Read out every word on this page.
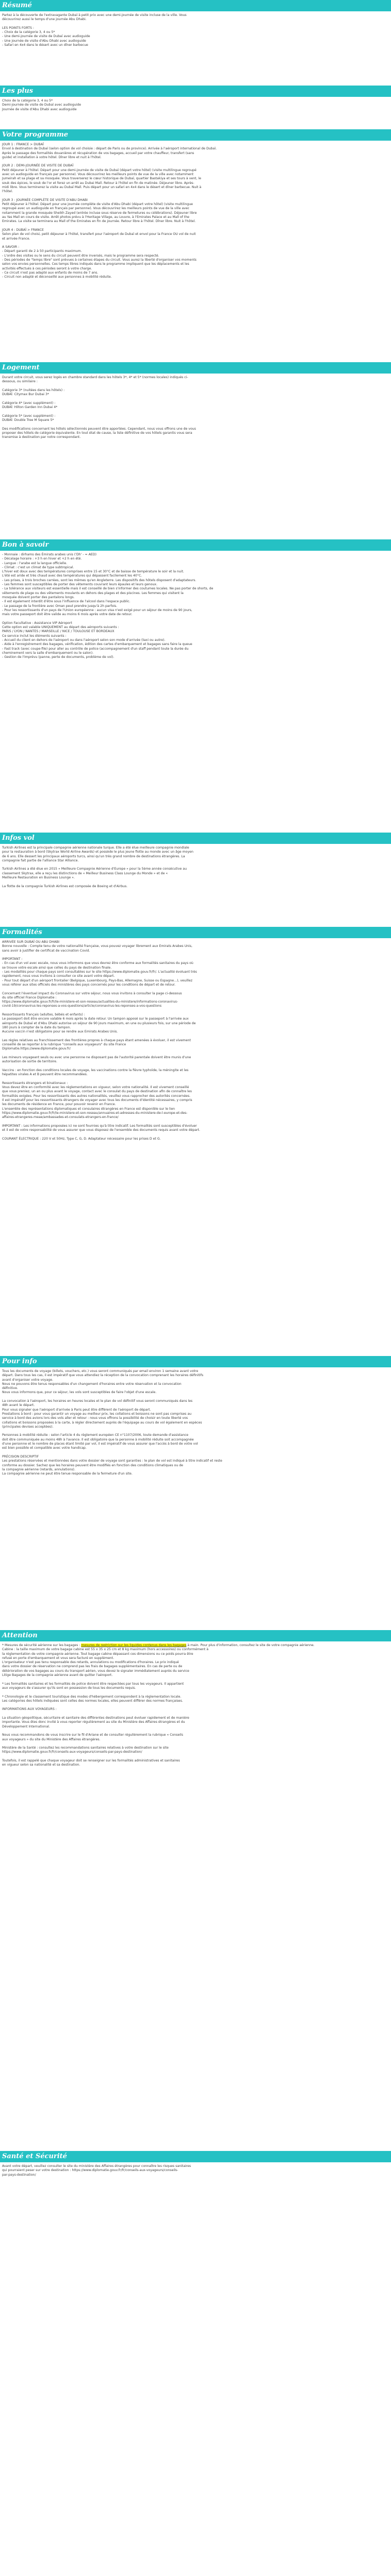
Résumé

Partez à la découverte de l'extravagante Dubaï à petit prix avec une demi-journée de visite incluse de la ville. Vous

découvrirez aussi le temps d'une journée Abu Dhabi.

LES POINTS FORTS :

- Choix de la catégorie 3, 4 ou 5*

- Une demi-journée de visite de Dubaï avec audioguide

- Une journée de visite d'Abu Dhabi avec audioguide

- Safari en 4x4 dans le désert avec un dîner barbecue

Les plus

Choix de la catégorie 3, 4 ou 5*

Demi-journée de visite de Dubaï avec audioguide

Journée de visite d'Abu Dhabi avec audioguide

Votre programme

JOUR 1 : FRANCE > DUBAÏ

Envol à destination de Dubaï (selon option de vol choisie : départ de Paris ou de province). Arrivée à l'aéroport international de Dubaï.

Après le passage des formalités douanières et récupération de vos bagages, accueil par votre chauffeur, transfert (sans

guide) et installation à votre hôtel. Dîner libre et nuit à l'hôtel.

JOUR 2 : DEMI-JOURNÉE DE VISITE DE DUBAÏ

Petit déjeuner à l'hôtel. Départ pour une demi-journée de visite de Dubaï (départ votre hôtel) (visite multilingue regroupé

avec un audioguide en français par personne). Vous découvrirez les meilleurs points de vue de la ville avec notamment

Jumeirah et sa plage et sa mosquée. Vous traverserez le cœur historique de Dubaï, quartier Bastakiya et ses tours à vent, le

souk des épices, le souk de l'or et ferez un arrêt au Dubai Mall. Retour à l'hôtel en fin de matinée. Déjeuner libre. Après-

midi libre. Vous terminerez la visite au Dubaï Mall. Puis départ pour un safari en 4x4 dans le désert et dîner barbecue. Nuit à

l'hôtel.

JOUR 3 : JOURNÉE COMPLÈTE DE VISITE D'ABU DHABI

Petit déjeuner à l'hôtel. Départ pour une journée complète de visite d'Abu Dhabi (départ votre hôtel) (visite multilingue

regroupé avec un audioguide en français par personne). Vous découvrirez les meilleurs points de vue de la ville avec

notamment la grande mosquée Sheikh Zayed (entrée incluse sous réserve de fermetures ou célébrations). Déjeuner libre

au Yas Mall en cours de visite. Arrêt photos prévu à l'Heritage Village, au Louvre, à l'Emirates Palace et au Mall of the

Emirates. La visite se terminera au Mall of the Emirates en fin de journée. Retour libre à l'hôtel. Dîner libre. Nuit à l'hôtel.

JOUR 4 : DUBAÏ > FRANCE

Selon plan de vol choisi, petit déjeuner à l'hôtel, transfert pour l'aéroport de Dubaï et envol pour la France OU vol de nuit

et arrivée France.

A SAVOIR :

- Départ garanti de 2 à 50 participants maximum.

- L'ordre des visites ou le sens du circuit peuvent être inversés, mais le programme sera respecté.

- Des périodes de "temps libre" sont prévues à certaines étapes du circuit. Vous aurez la liberté d'organiser vos moments

selon vos envies personnelles. Ces temps libres indiqués dans le programme impliquent que les déplacements et les

activités effectués à ces périodes seront à votre charge.

- Ce circuit n'est pas adapté aux enfants de moins de 7 ans.

- Circuit non adapté et déconseillé aux personnes à mobilité réduite.

Logement

Durant votre circuit, vous serez logés en chambre standard dans les hôtels 3*, 4* et 5* (normes locales) indiqués ci-

dessous, ou similaire :

Catégorie 3* (nuitées dans les hôtels) :

DUBAÏ: Citymax Bur Dubai 3*

Catégorie 4* (avec supplément) :

DUBAÏ: Hilton Garden Inn Dubai 4*

Catégorie 5* (avec supplément) :

DUBAÏ: Double Tree M Square 5*

Des modifications concernant les hôtels sélectionnés peuvent être apportées. Cependant, nous vous offrons une de vous

proposer des hôtels de catégorie équivalente. En tout état de cause, la liste définitive de vos hôtels garantis vous sera

transmise à destination par notre correspondant.

Bon à savoir

- Monnaie : dirhams des Émirats arabes unis ('Dh' - ≈ AED)

- Décalage horaire : +3 h en hiver et +2 h en été.

- Langue : l'arabe est la langue officielle.

- Climat : c'est un climat de type subtropical.

L'hiver est doux avec des températures comprises entre 15 et 30°C et de baisse de température le soir et la nuit.

L'été est aride et très chaud avec des températures qui dépassent facilement les 40°C.

- Les prises, à trois broches carrées, sont les mêmes qu'en Angleterre. Les dispositifs des hôtels disposent d'adaptateurs.

- Les femmes sont susceptibles de porter des vêtements couvrant leurs épaules et leurs genoux.

- La tolérance aux visiteurs est essentielle mais il est conseillé de bien s'informer des coutumes locales. Ne pas porter de shorts, de

vêtements de plage ou des vêtements moulants en dehors des plages et des piscines. Les femmes qui visitent la

mosquée doivent porter des pantalons longs.

- Il est également interdit d'être sous l'influence de l'alcool dans l'espace public.

- Le passage de la frontière avec Oman peut prendre jusqu'à 2h parfois.

- Pour les ressortissants d'un pays de l'Union européenne : aucun visa n'est exigé pour un séjour de moins de 90 jours,

mais votre passeport doit être valide au moins 6 mois après votre date de retour.

Option Facultative : Assistance VIP Aéroport

Cette option est valable UNIQUEMENT au départ des aéroports suivants :

PARIS / LYON / NANTES / MARSEILLE / NICE / TOULOUSE ET BORDEAUX

Ce service inclut les éléments suivants :

- Accueil du client en dehors de l'aéroport ou dans l'aéroport selon son mode d'arrivée (taxi ou autre).

- Aide à l'enregistrement des bagages, vérification, édition des cartes d'embarquement et bagages sans faire la queue

- Fast track (avec coupe-file) pour aller au contrôle de police (accompagnement d'un staff pendant toute la durée du

cheminement vers la salle d'embarquement ou le salon).

- Gestion de l'imprévu (panne, perte de documents, problème de vol).

Infos vol

Turkish Airlines est la principale compagnie aérienne nationale turque. Elle a été élue meilleure compagnie mondiale

pour la restauration à bord (Skytrax World Airline Awards) et possède le plus jeune flotte au monde avec un âge moyen

de 6 ans. Elle dessert les principaux aéroports turcs, ainsi qu'un très grand nombre de destinations étrangères. La

compagnie fait partie de l'alliance Star Alliance.

Turkish Airlines a été élue en 2015 « Meilleure Compagnie Aérienne d'Europe » pour la 5ème année consécutive au

classement Skytrax, elle a reçu les distinctions de « Meilleur Business Class Lounge du Monde » et de «

Meilleure Restauration en Business Lounge ».

La flotte de la compagnie Turkish Airlines est composée de Boeing et d'Airbus.

Formalités

ARRIVÉE SUR DUBAÏ OU ABU DHABI

Bonne nouvelle : Compte tenu de votre nationalité française, vous pouvez voyager librement aux Emirats Arabes Unis,

sans avoir à justifier de certificat de vaccination Covid.

IMPORTANT :

- En cas d'un vol avec escale, nous vous informons que vous devrez être conforme aux formalités sanitaires du pays où

se trouve votre escale ainsi que celles du pays de destination finale.

- Les modalités pour chaque pays sont consultables sur le site https://www.diplomatie.gouv.fr/fr/. L'actualité évoluant très

rapidement, nous vous invitons à consulter ce site avant votre départ.

- Pour tout départ d'un aéroport frontalier (Belgique, Luxembourg, Pays-Bas, Allemagne, Suisse ou Espagne...), veuillez

vous référer aux sites officiels des ministères des pays concernés pour les conditions de départ et de retour.

Concernant l'éventuel impact du Coronavirus sur votre séjour, nous vous invitons à consulter la page ci-dessous

du site officiel France Diplomatie :

https://www.diplomatie.gouv.fr/fr/le-ministere-et-son-reseau/actualites-du-ministere/informations-coronavirus-

covid-19/coronavirus-les-reponses-a-vos-questions/article/coronavirus-les-reponses-a-vos-questions

Ressortissants français (adultes, bébés et enfants) :

Le passeport doit être encore valable 6 mois après la date retour. Un tampon apposé sur le passeport à l'arrivée aux

aéroports de Dubaï et d'Abu Dhabi autorise un séjour de 90 jours maximum, en une ou plusieurs fois, sur une période de

180 jours à compter de la date du tampon.

Aucune vaccin n'est obligatoire pour se rendre aux Emirats Arabes Unis.

Les règles relatives au franchissement des frontières propres à chaque pays étant amenées à évoluer, il est vivement

conseillé de se reporter à la rubrique "conseils aux voyageurs" du site France

Diplomatie.https://www.diplomatie.gouv.fr/

Les mineurs voyageant seuls ou avec une personne ne disposant pas de l'autorité parentale doivent être munis d'une

autorisation de sortie de territoire.

Vaccins : en fonction des conditions locales de voyage, les vaccinations contre la fièvre typhoïde, la méningite et les

hépatites virales A et B peuvent être recommandées.

Ressortissants étrangers et binationaux :

Vous devez être en conformité avec les réglementations en vigueur, selon votre nationalité. Il est vivement conseillé

que vous preniez, un an ou plus avant le voyage, contact avec le consulat du pays de destination afin de connaître les

formalités exigées. Pour les ressortissants des autres nationalités, veuillez vous rapprocher des autorités concernées.

Il est impératif pour les ressortissants étrangers de voyager avec tous les documents d'identité nécessaires, y compris

les documents de résidence en France, pour pouvoir revenir en France.

L'ensemble des représentations diplomatiques et consulaires étrangères en France est disponible sur le lien

https://www.diplomatie.gouv.fr/fr/le-ministere-et-son-reseau/annuaires-et-adresses-du-ministere-de-l-europe-et-des-

affaires-etrangeres-meae/ambassades-et-consulats-etrangers-en-france/

IMPORTANT : Les informations proposées ici ne sont fournies qu'à titre indicatif. Les formalités sont susceptibles d'évoluer

et il est de votre responsabilité de vous assurer que vous disposez de l'ensemble des documents requis avant votre départ.

COURANT ÉLECTRIQUE : 220 V et 50Hz, Type C, G, D. Adaptateur nécessaire pour les prises D et G.

Pour info

Tous les documents de voyage (billets, vouchers, etc.) vous seront communiqués par email environ 1 semaine avant votre

départ. Dans tous les cas, il est impératif que vous attendiez la réception de la convocation comprenant les horaires définitifs

avant d'organiser votre voyage.

Nous ne pouvons être tenus responsables d'un changement d'horaires entre votre réservation et la convocation

définitive.

Nous vous informons que, pour ce séjour, les vols sont susceptibles de faire l'objet d'une escale.

La convocation à l'aéroport, les horaires en heures locales et le plan de vol définitif vous seront communiqués dans les

48h avant le départ.

Pour vous signaler que l'aéroport d'arrivée à Paris peut être différent de l'aéroport de départ.

Prestations à bord : pour vous garantir un voyage au meilleur prix, les collations et boissons ne sont pas comprises au

service à bord des avions lors des vols aller et retour : nous vous offrons la possibilité de choisir en toute liberté vos

collations et boissons proposées à la carte, à régler directement auprès de l'équipage au cours de vol également en espèces

(principales devises acceptées).

Personnes à mobilité réduite : selon l'article 4 du règlement européen CE n°1107/2006, toute demande d'assistance

doit être communiquée au moins 48h à l'avance. Il est obligatoire que la personne à mobilité réduite soit accompagnée

d'une personne et le nombre de places étant limité par vol, il est impératif de vous assurer que l'accès à bord de votre vol

est bien possible et compatible avec votre handicap.

PRÉCISION DESCRIPTIF

Les prestations réservées et mentionnées dans votre dossier de voyage sont garanties : le plan de vol est indiqué à titre indicatif et reste

conforme au dossier. Sachez que les horaires peuvent être modifiés en fonction des conditions climatiques ou de

la compagnie aérienne (retards, annulations).

La compagnie aérienne ne peut être tenue responsable de la fermeture d'un site.

Attention

* Mesures de sécurité aérienne sur les bagages : mesures de restriction sur les liquides contenus dans les bagages à main. Pour plus d'information, consultez le site de votre compagnie aérienne.

Cabine : la taille maximum de votre bagage cabine est 55 x 35 x 25 cm et 8 kg maximum (hors accessoires) ou conformément à

la réglementation de votre compagnie aérienne. Tout bagage cabine dépassant ces dimensions ou ce poids pourra être

refusé en porte d'embarquement et vous sera facturé en supplément.

L'organisateur n'est pas tenu responsable des retards, annulations ou modifications d'horaires. Le prix indiqué

dans votre dossier de réservation ne comprend pas les frais de bagages supplémentaires. En cas de perte ou de

détérioration de vos bagages au cours du transport aérien, vous devez le signaler immédiatement auprès du service

Litige Bagages de la compagnie aérienne avant de quitter l'aéroport.

* Les formalités sanitaires et les formalités de police doivent être respectées par tous les voyageurs. Il appartient

aux voyageurs de s'assurer qu'ils sont en possession de tous les documents requis.

* Chronologie et le classement touristique des modes d'hébergement correspondent à la réglementation locale.

Les catégories des hôtels indiquées sont celles des normes locales, elles peuvent différer des normes françaises.

INFORMATIONS AUX VOYAGEURS :

La situation géopolitique, sécuritaire et sanitaire des différentes destinations peut évoluer rapidement et de manière

importante. Vous êtes donc invité à vous reporter régulièrement au site du Ministère des Affaires étrangères et du

Développement International.

Nous vous recommandons de vous inscrire sur le fil d'Ariane et de consulter régulièrement la rubrique « Conseils

aux voyageurs » du site du Ministère des Affaires étrangères.

Ministère de la Santé : consultez les recommandations sanitaires relatives à votre destination sur le site

https://www.diplomatie.gouv.fr/fr/conseils-aux-voyageurs/conseils-par-pays-destination/

Toutefois, il est rappelé que chaque voyageur doit se renseigner sur les formalités administratives et sanitaires

en vigueur selon sa nationalité et sa destination.

Santé et Sécurité

Avant votre départ, veuillez consulter le site du ministère des Affaires étrangères pour connaître les risques sanitaires

qui pourraient peser sur votre destination : https://www.diplomatie.gouv.fr/fr/conseils-aux-voyageurs/conseils-

par-pays-destination/
